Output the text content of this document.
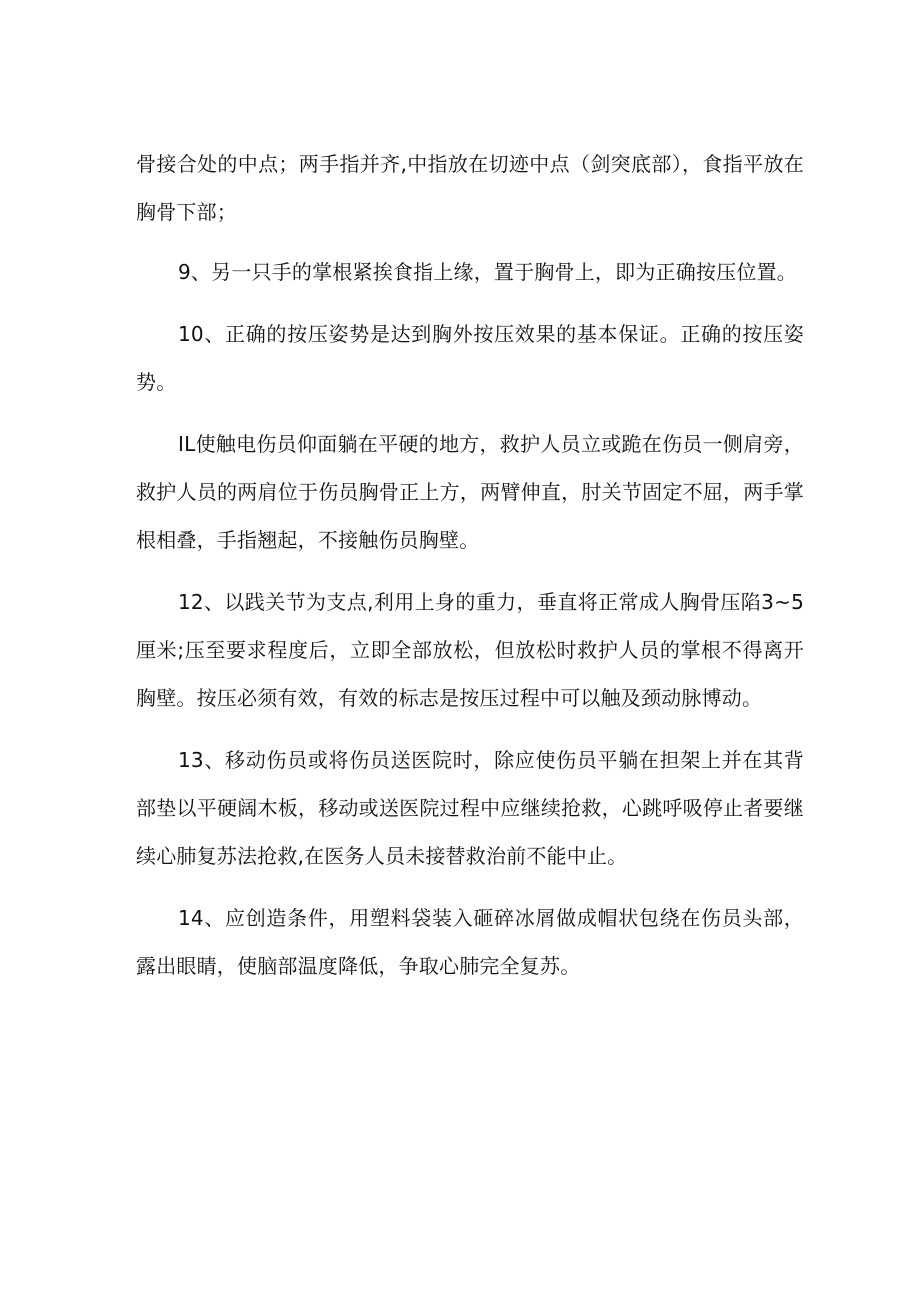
骨接合处的中点；两手指并齐,中指放在切迹中点（剑突底部），食指平放在胸骨下部；

9、另一只手的掌根紧挨食指上缘，置于胸骨上，即为正确按压位置。

10、正确的按压姿势是达到胸外按压效果的基本保证。正确的按压姿势。

IL使触电伤员仰面躺在平硬的地方，救护人员立或跪在伤员一侧肩旁，救护人员的两肩位于伤员胸骨正上方，两臂伸直，肘关节固定不屈，两手掌根相叠，手指翘起，不接触伤员胸壁。

12、以践关节为支点,利用上身的重力，垂直将正常成人胸骨压陷3~5厘米;压至要求程度后，立即全部放松，但放松时救护人员的掌根不得离开胸壁。按压必须有效，有效的标志是按压过程中可以触及颈动脉博动。

13、移动伤员或将伤员送医院时，除应使伤员平躺在担架上并在其背部垫以平硬阔木板，移动或送医院过程中应继续抢救，心跳呼吸停止者要继续心肺复苏法抢救,在医务人员未接替救治前不能中止。

14、应创造条件，用塑料袋装入砸碎冰屑做成帽状包绕在伤员头部，露出眼睛，使脑部温度降低，争取心肺完全复苏。
